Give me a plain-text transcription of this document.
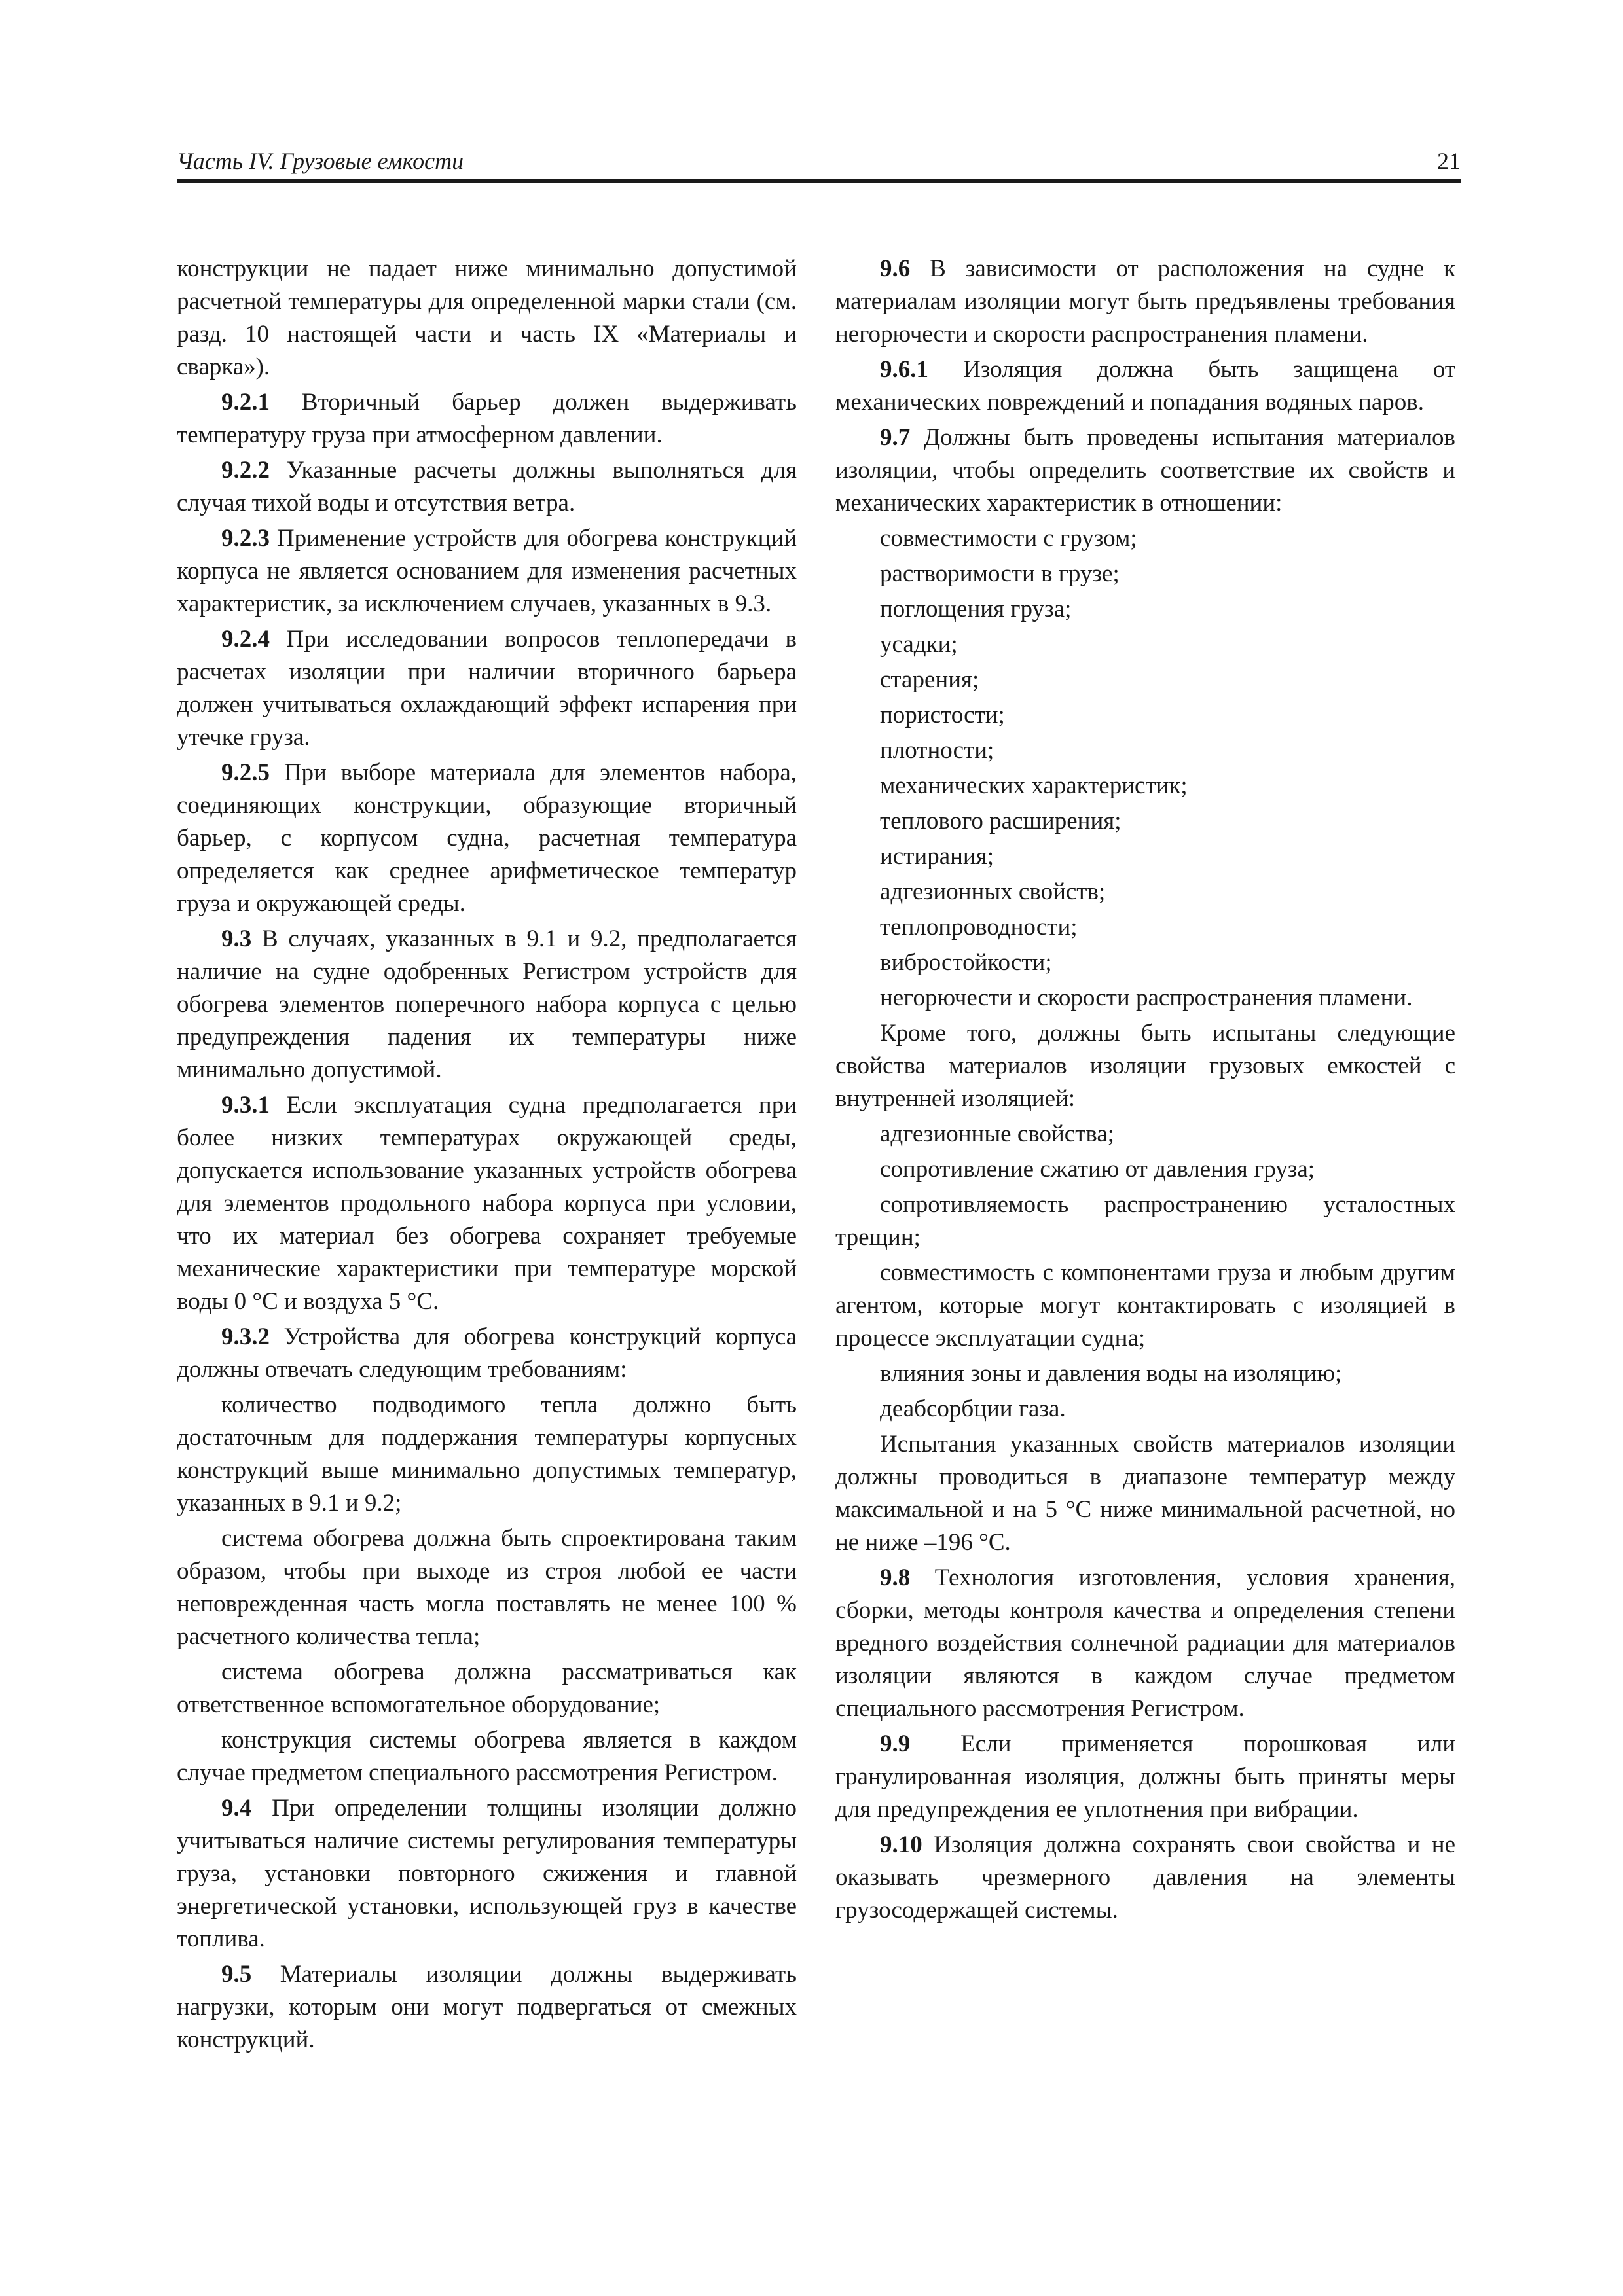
Часть IV. Грузовые емкости	21

конструкции не падает ниже минимально допустимой расчетной температуры для определенной марки стали (см. разд. 10 настоящей части и часть IX «Материалы и сварка»).

9.2.1 Вторичный барьер должен выдерживать температуру груза при атмосферном давлении.

9.2.2 Указанные расчеты должны выполняться для случая тихой воды и отсутствия ветра.

9.2.3 Применение устройств для обогрева конструкций корпуса не является основанием для изменения расчетных характеристик, за исключением случаев, указанных в 9.3.

9.2.4 При исследовании вопросов теплопередачи в расчетах изоляции при наличии вторичного барьера должен учитываться охлаждающий эффект испарения при утечке груза.

9.2.5 При выборе материала для элементов набора, соединяющих конструкции, образующие вторичный барьер, с корпусом судна, расчетная температура определяется как среднее арифметическое температур груза и окружающей среды.

9.3 В случаях, указанных в 9.1 и 9.2, предполагается наличие на судне одобренных Регистром устройств для обогрева элементов поперечного набора корпуса с целью предупреждения падения их температуры ниже минимально допустимой.

9.3.1 Если эксплуатация судна предполагается при более низких температурах окружающей среды, допускается использование указанных устройств обогрева для элементов продольного набора корпуса при условии, что их материал без обогрева сохраняет требуемые механические характеристики при температуре морской воды 0 °C и воздуха 5 °C.

9.3.2 Устройства для обогрева конструкций корпуса должны отвечать следующим требованиям:

количество подводимого тепла должно быть достаточным для поддержания температуры корпусных конструкций выше минимально допустимых температур, указанных в 9.1 и 9.2;

система обогрева должна быть спроектирована таким образом, чтобы при выходе из строя любой ее части неповрежденная часть могла поставлять не менее 100 % расчетного количества тепла;

система обогрева должна рассматриваться как ответственное вспомогательное оборудование;

конструкция системы обогрева является в каждом случае предметом специального рассмотрения Регистром.

9.4 При определении толщины изоляции должно учитываться наличие системы регулирования температуры груза, установки повторного сжижения и главной энергетической установки, использующей груз в качестве топлива.

9.5 Материалы изоляции должны выдерживать нагрузки, которым они могут подвергаться от смежных конструкций.

9.6 В зависимости от расположения на судне к материалам изоляции могут быть предъявлены требования негорючести и скорости распространения пламени.

9.6.1 Изоляция должна быть защищена от механических повреждений и попадания водяных паров.

9.7 Должны быть проведены испытания материалов изоляции, чтобы определить соответствие их свойств и механических характеристик в отношении:

совместимости с грузом;

растворимости в грузе;

поглощения груза;

усадки;

старения;

пористости;

плотности;

механических характеристик;

теплового расширения;

истирания;

адгезионных свойств;

теплопроводности;

вибростойкости;

негорючести и скорости распространения пламени.

Кроме того, должны быть испытаны следующие свойства материалов изоляции грузовых емкостей с внутренней изоляцией:

адгезионные свойства;

сопротивление сжатию от давления груза;

сопротивляемость распространению усталостных трещин;

совместимость с компонентами груза и любым другим агентом, которые могут контактировать с изоляцией в процессе эксплуатации судна;

влияния зоны и давления воды на изоляцию;

деабсорбции газа.

Испытания указанных свойств материалов изоляции должны проводиться в диапазоне температур между максимальной и на 5 °C ниже минимальной расчетной, но не ниже –196 °C.

9.8 Технология изготовления, условия хранения, сборки, методы контроля качества и определения степени вредного воздействия солнечной радиации для материалов изоляции являются в каждом случае предметом специального рассмотрения Регистром.

9.9 Если применяется порошковая или гранулированная изоляция, должны быть приняты меры для предупреждения ее уплотнения при вибрации.

9.10 Изоляция должна сохранять свои свойства и не оказывать чрезмерного давления на элементы грузосодержащей системы.
